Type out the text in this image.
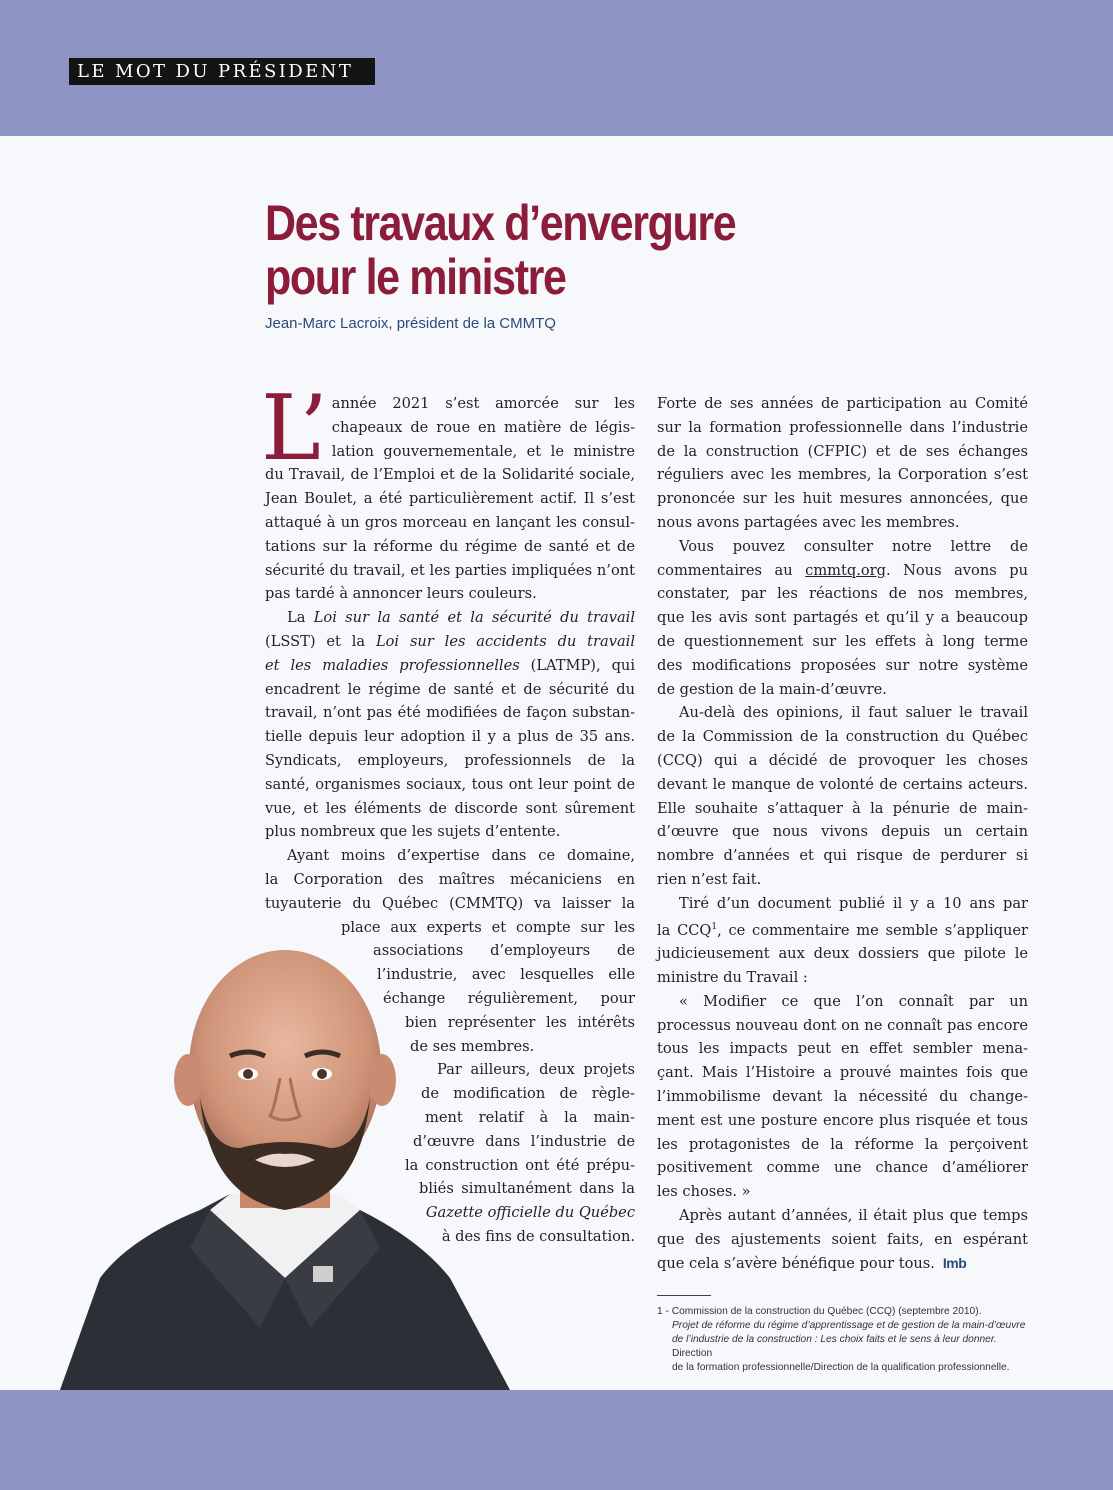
LE MOT DU PRÉSIDENT
Des travaux d’envergure
pour le ministre
Jean-Marc Lacroix, président de la CMMTQ

L’ année 2021 s’est amorcée sur les
chapeaux de roue en matière de légis-
lation gouvernementale, et le ministre
du Travail, de l’Emploi et de la Solidarité sociale,
Jean Boulet, a été particulièrement actif. Il s’est
attaqué à un gros morceau en lançant les consul-
tations sur la réforme du régime de santé et de
sécurité du travail, et les parties impliquées n’ont
pas tardé à annoncer leurs couleurs.

La Loi sur la santé et la sécurité du travail

(LSST) et la Loi sur les accidents du travail

et les maladies professionnelles (LATMP), qui

encadrent le régime de santé et de sécurité du
travail, n’ont pas été modifiées de façon substan-
tielle depuis leur adoption il y a plus de 35 ans.
Syndicats, employeurs, professionnels de la
santé, organismes sociaux, tous ont leur point de
vue, et les éléments de discorde sont sûrement
plus nombreux que les sujets d’entente.

Ayant moins d’expertise dans ce domaine,
la Corporation des maîtres mécaniciens en
tuyauterie du Québec (CMMTQ) va laisser la
place aux experts et compte sur les
associations d’employeurs de
l’industrie, avec lesquelles elle
échange régulièrement, pour
bien représenter les intérêts
de ses membres.
Par ailleurs, deux projets
de modification de règle-
ment relatif à la main-
d’œuvre dans l’industrie de
la construction ont été prépu-
bliés simultanément dans la
Gazette officielle du Québec
à des fins de consultation.

Forte de ses années de participation au Comité
sur la formation professionnelle dans l’industrie
de la construction (CFPIC) et de ses échanges
réguliers avec les membres, la Corporation s’est
prononcée sur les huit mesures annoncées, que
nous avons partagées avec les membres.

Vous pouvez consulter notre lettre de

commentaires au cmmtq.org. Nous avons pu

constater, par les réactions de nos membres,
que les avis sont partagés et qu’il y a beaucoup
de questionnement sur les effets à long terme
des modifications proposées sur notre système
de gestion de la main-d’œuvre.

Au-delà des opinions, il faut saluer le travail
de la Commission de la construction du Québec
(CCQ) qui a décidé de provoquer les choses
devant le manque de volonté de certains acteurs.
Elle souhaite s’attaquer à la pénurie de main-
d’œuvre que nous vivons depuis un certain
nombre d’années et qui risque de perdurer si
rien n’est fait.

Tiré d’un document publié il y a 10 ans par

la CCQ$^1$, ce commentaire me semble s’appliquer

judicieusement aux deux dossiers que pilote le
ministre du Travail :

« Modifier ce que l’on connaît par un
processus nouveau dont on ne connaît pas encore
tous les impacts peut en effet sembler mena-
çant. Mais l’Histoire a prouvé maintes fois que
l’immobilisme devant la nécessité du change-
ment est une posture encore plus risquée et tous
les protagonistes de la réforme la perçoivent
positivement comme une chance d’améliorer
les choses. »

Après autant d’années, il était plus que temps
que des ajustements soient faits, en espérant
que cela s’avère bénéfique pour tous. Imb

1 - Commission de la construction du Québec (CCQ) (septembre 2010).
Projet de réforme du régime d’apprentissage et de gestion de la main-d’œuvre
de l’industrie de la construction : Les choix faits et le sens à leur donner. Direction
de la formation professionnelle/Direction de la qualification professionnelle.
